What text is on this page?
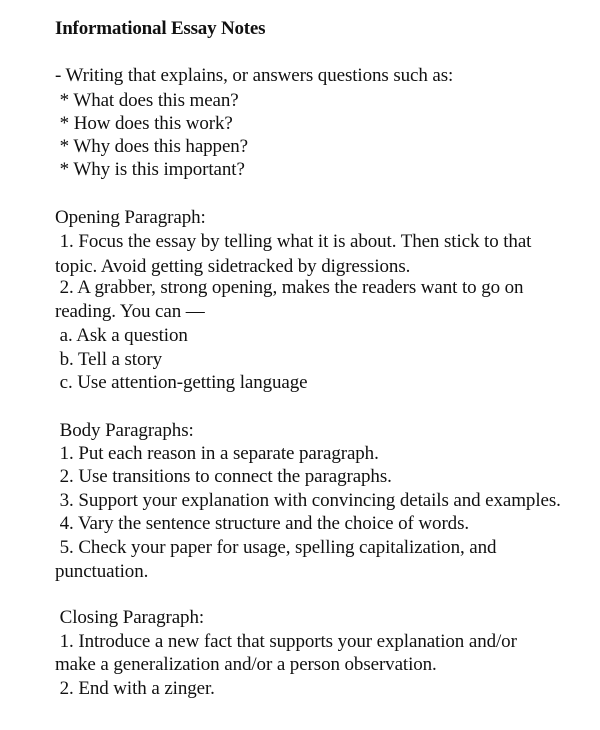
Informational Essay Notes
- Writing that explains, or answers questions such as:
* What does this mean?
* How does this work?
* Why does this happen?
* Why is this important?
Opening Paragraph:
1. Focus the essay by telling what it is about. Then stick to that
topic. Avoid getting sidetracked by digressions.
2. A grabber, strong opening, makes the readers want to go on
reading. You can —
a. Ask a question
b. Tell a story
c. Use attention-getting language
Body Paragraphs:
1. Put each reason in a separate paragraph.
2. Use transitions to connect the paragraphs.
3. Support your explanation with convincing details and examples.
4. Vary the sentence structure and the choice of words.
5. Check your paper for usage, spelling capitalization, and
punctuation.
Closing Paragraph:
1. Introduce a new fact that supports your explanation and/or
make a generalization and/or a person observation.
2. End with a zinger.
